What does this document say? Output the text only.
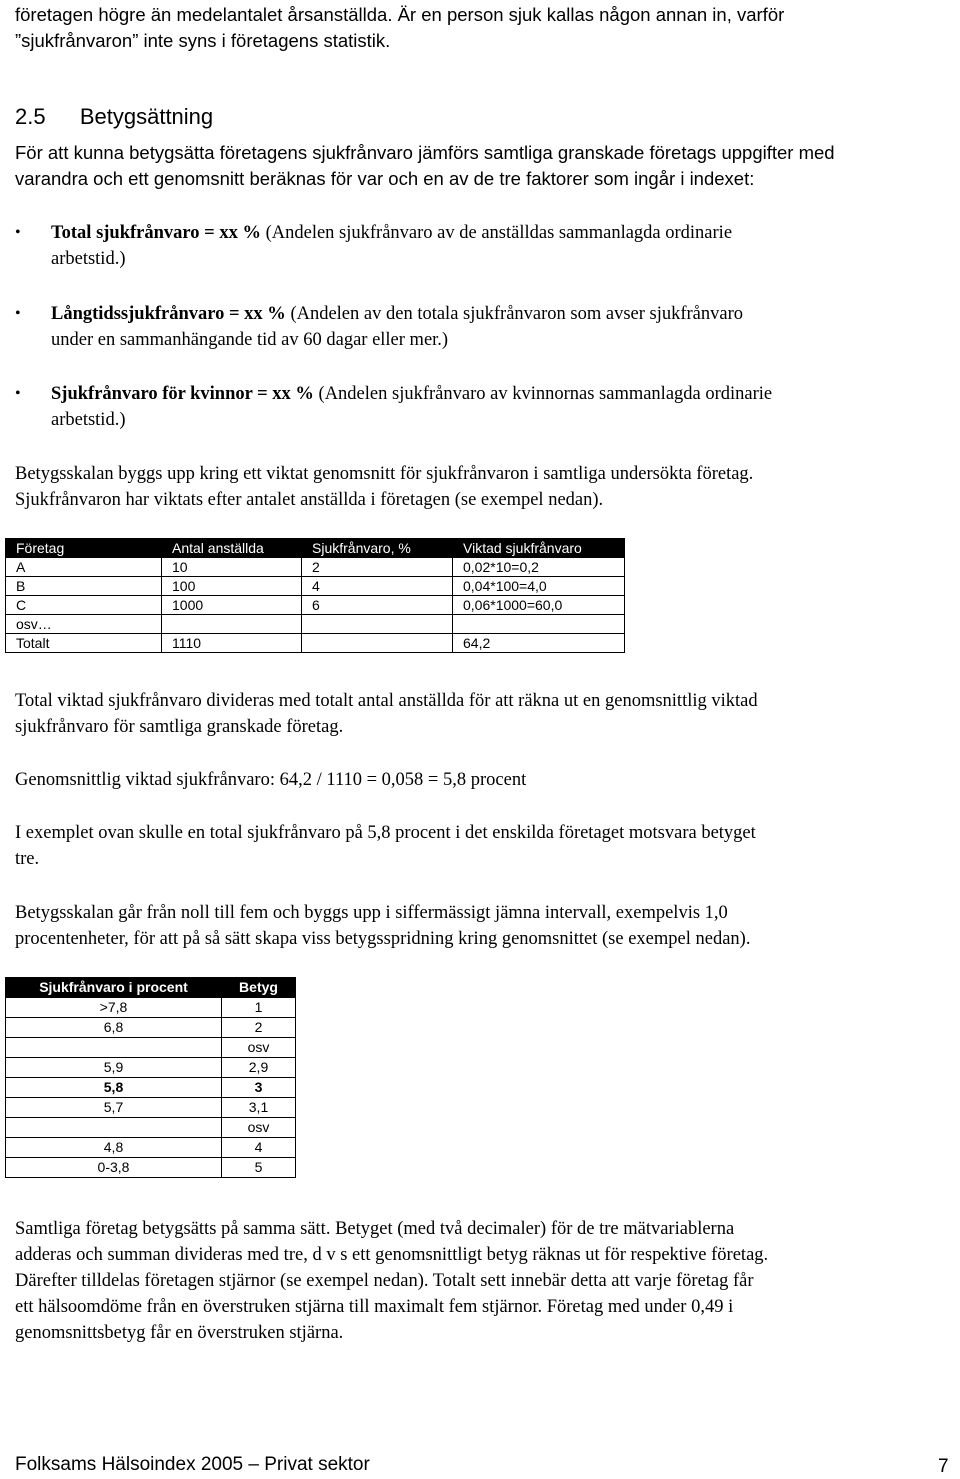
företagen högre än medelantalet årsanställda. Är en person sjuk kallas någon annan in, varför

”sjukfrånvaron” inte syns i företagens statistik.

2.5 Betygsättning

För att kunna betygsätta företagens sjukfrånvaro jämförs samtliga granskade företags uppgifter med

varandra och ett genomsnitt beräknas för var och en av de tre faktorer som ingår i indexet:

• Total sjukfrånvaro = xx % (Andelen sjukfrånvaro av de anställdas sammanlagda ordinarie
arbetstid.)
• Långtidssjukfrånvaro = xx % (Andelen av den totala sjukfrånvaron som avser sjukfrånvaro
under en sammanhängande tid av 60 dagar eller mer.)
• Sjukfrånvaro för kvinnor = xx % (Andelen sjukfrånvaro av kvinnornas sammanlagda ordinarie
arbetstid.)

Betygsskalan byggs upp kring ett viktat genomsnitt för sjukfrånvaron i samtliga undersökta företag.

Sjukfrånvaron har viktats efter antalet anställda i företagen (se exempel nedan).

Företag	Antal anställda	Sjukfrånvaro, %	Viktad sjukfrånvaro
A	10	2	0,02*10=0,2
B	100	4	0,04*100=4,0
C	1000	6	0,06*1000=60,0
osv…			
Totalt	1110		64,2

Total viktad sjukfrånvaro divideras med totalt antal anställda för att räkna ut en genomsnittlig viktad

sjukfrånvaro för samtliga granskade företag.

Genomsnittlig viktad sjukfrånvaro: 64,2 / 1110 = 0,058 = 5,8 procent

I exemplet ovan skulle en total sjukfrånvaro på 5,8 procent i det enskilda företaget motsvara betyget

tre.

Betygsskalan går från noll till fem och byggs upp i siffermässigt jämna intervall, exempelvis 1,0

procentenheter, för att på så sätt skapa viss betygsspridning kring genomsnittet (se exempel nedan).

Sjukfrånvaro i procent	Betyg
>7,8	1
6,8	2
	osv
5,9	2,9
5,8	3
5,7	3,1
	osv
4,8	4
0-3,8	5

Samtliga företag betygsätts på samma sätt. Betyget (med två decimaler) för de tre mätvariablerna

adderas och summan divideras med tre, d v s ett genomsnittligt betyg räknas ut för respektive företag.

Därefter tilldelas företagen stjärnor (se exempel nedan). Totalt sett innebär detta att varje företag får

ett hälsoomdöme från en överstruken stjärna till maximalt fem stjärnor. Företag med under 0,49 i

genomsnittsbetyg får en överstruken stjärna.

Folksams Hälsoindex 2005 – Privat sektor	7
